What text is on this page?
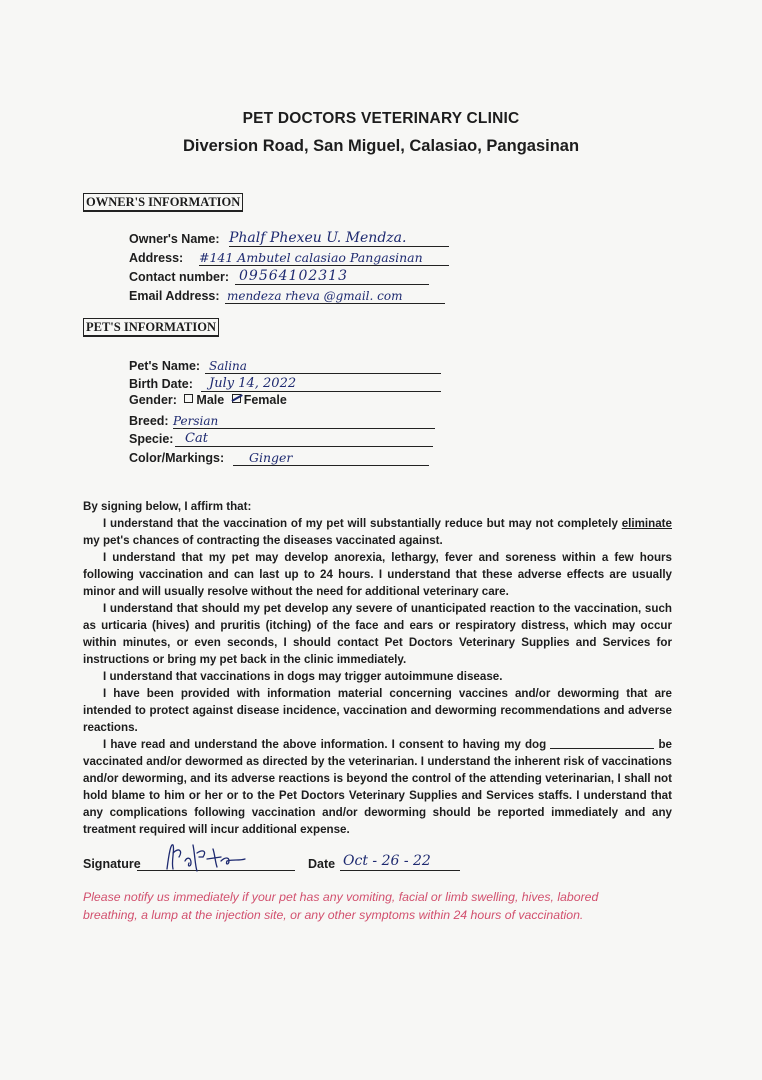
PET DOCTORS VETERINARY CLINIC
Diversion Road, San Miguel, Calasiao, Pangasinan
OWNER'S INFORMATION
Owner's Name: Phalf Phexeu U. Mendza.
Address: #141 Ambutel calasiao Pangasinan
Contact number: 09564102313
Email Address: mendeza rheva @gmail. com
PET'S INFORMATION
Pet's Name: Salina
Birth Date: July 14, 2022
Gender: Male Female
Breed: Persian
Specie: Cat
Color/Markings: Ginger

By signing below, I affirm that:

I understand that the vaccination of my pet will substantially reduce but may not completely eliminate my pet's chances of contracting the diseases vaccinated against.

I understand that my pet may develop anorexia, lethargy, fever and soreness within a few hours following vaccination and can last up to 24 hours. I understand that these adverse effects are usually minor and will usually resolve without the need for additional veterinary care.

I understand that should my pet develop any severe of unanticipated reaction to the vaccination, such as urticaria (hives) and pruritis (itching) of the face and ears or respiratory distress, which may occur within minutes, or even seconds, I should contact Pet Doctors Veterinary Supplies and Services for instructions or bring my pet back in the clinic immediately.

I understand that vaccinations in dogs may trigger autoimmune disease.

I have been provided with information material concerning vaccines and/or deworming that are intended to protect against disease incidence, vaccination and deworming recommendations and adverse reactions.

I have read and understand the above information. I consent to having my dog	be vaccinated and/or dewormed as directed by the veterinarian. I understand the inherent risk of vaccinations and/or deworming, and its adverse reactions is beyond the control of the attending veterinarian, I shall not hold blame to him or her or to the Pet Doctors Veterinary Supplies and Services staffs. I understand that any complications following vaccination and/or deworming should be reported immediately and any treatment required will incur additional expense.

Signature	Date Oct - 26 - 22
Please notify us immediately if your pet has any vomiting, facial or limb swelling, hives, labored breathing, a lump at the injection site, or any other symptoms within 24 hours of vaccination.
